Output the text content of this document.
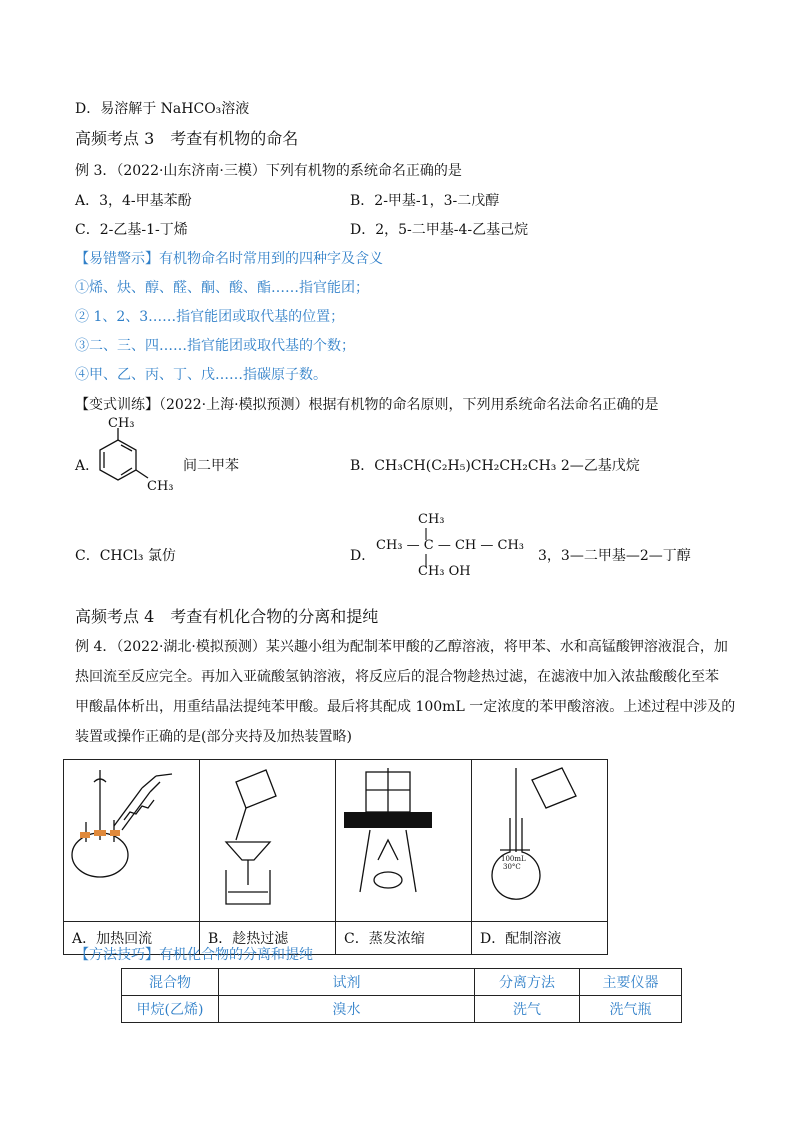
D．易溶解于 NaHCO₃溶液
高频考点 3　考查有机物的命名
例 3．（2022·山东济南·三模）下列有机物的系统命名正确的是
A．3，4-甲基苯酚	B．2-甲基-1，3-二戊醇
C．2-乙基-1-丁烯	D．2，5-二甲基-4-乙基己烷
【易错警示】有机物命名时常用到的四种字及含义
①烯、炔、醇、醛、酮、酸、酯……指官能团；
② 1、2、3……指官能团或取代基的位置；
③二、三、四……指官能团或取代基的个数；
④甲、乙、丙、丁、戊……指碳原子数。
【变式训练】（2022·上海·模拟预测）根据有机物的命名原则，下列用系统命名法命名正确的是
A．
CH₃
CH₃
间二甲苯	B．CH₃CH(C₂H₅)CH₂CH₂CH₃ 2—乙基戊烷
C．CHCl₃ 氯仿	D．
CH₃
CH₃ — C — CH — CH₃
CH₃ OH
3，3—二甲基—2—丁醇
高频考点 4　考查有机化合物的分离和提纯
例 4．（2022·湖北·模拟预测）某兴趣小组为配制苯甲酸的乙醇溶液，将甲苯、水和高锰酸钾溶液混合，加
热回流至反应完全。再加入亚硫酸氢钠溶液，将反应后的混合物趁热过滤，在滤液中加入浓盐酸酸化至苯
甲酸晶体析出，用重结晶法提纯苯甲酸。最后将其配成 100mL 一定浓度的苯甲酸溶液。上述过程中涉及的
装置或操作正确的是(部分夹持及加热装置略)

100mL
30°C

A．加热回流	B．趁热过滤	C．蒸发浓缩	D．配制溶液
【方法技巧】有机化合物的分离和提纯
混合物	试剂	分离方法	主要仪器
甲烷(乙烯)	溴水	洗气	洗气瓶
